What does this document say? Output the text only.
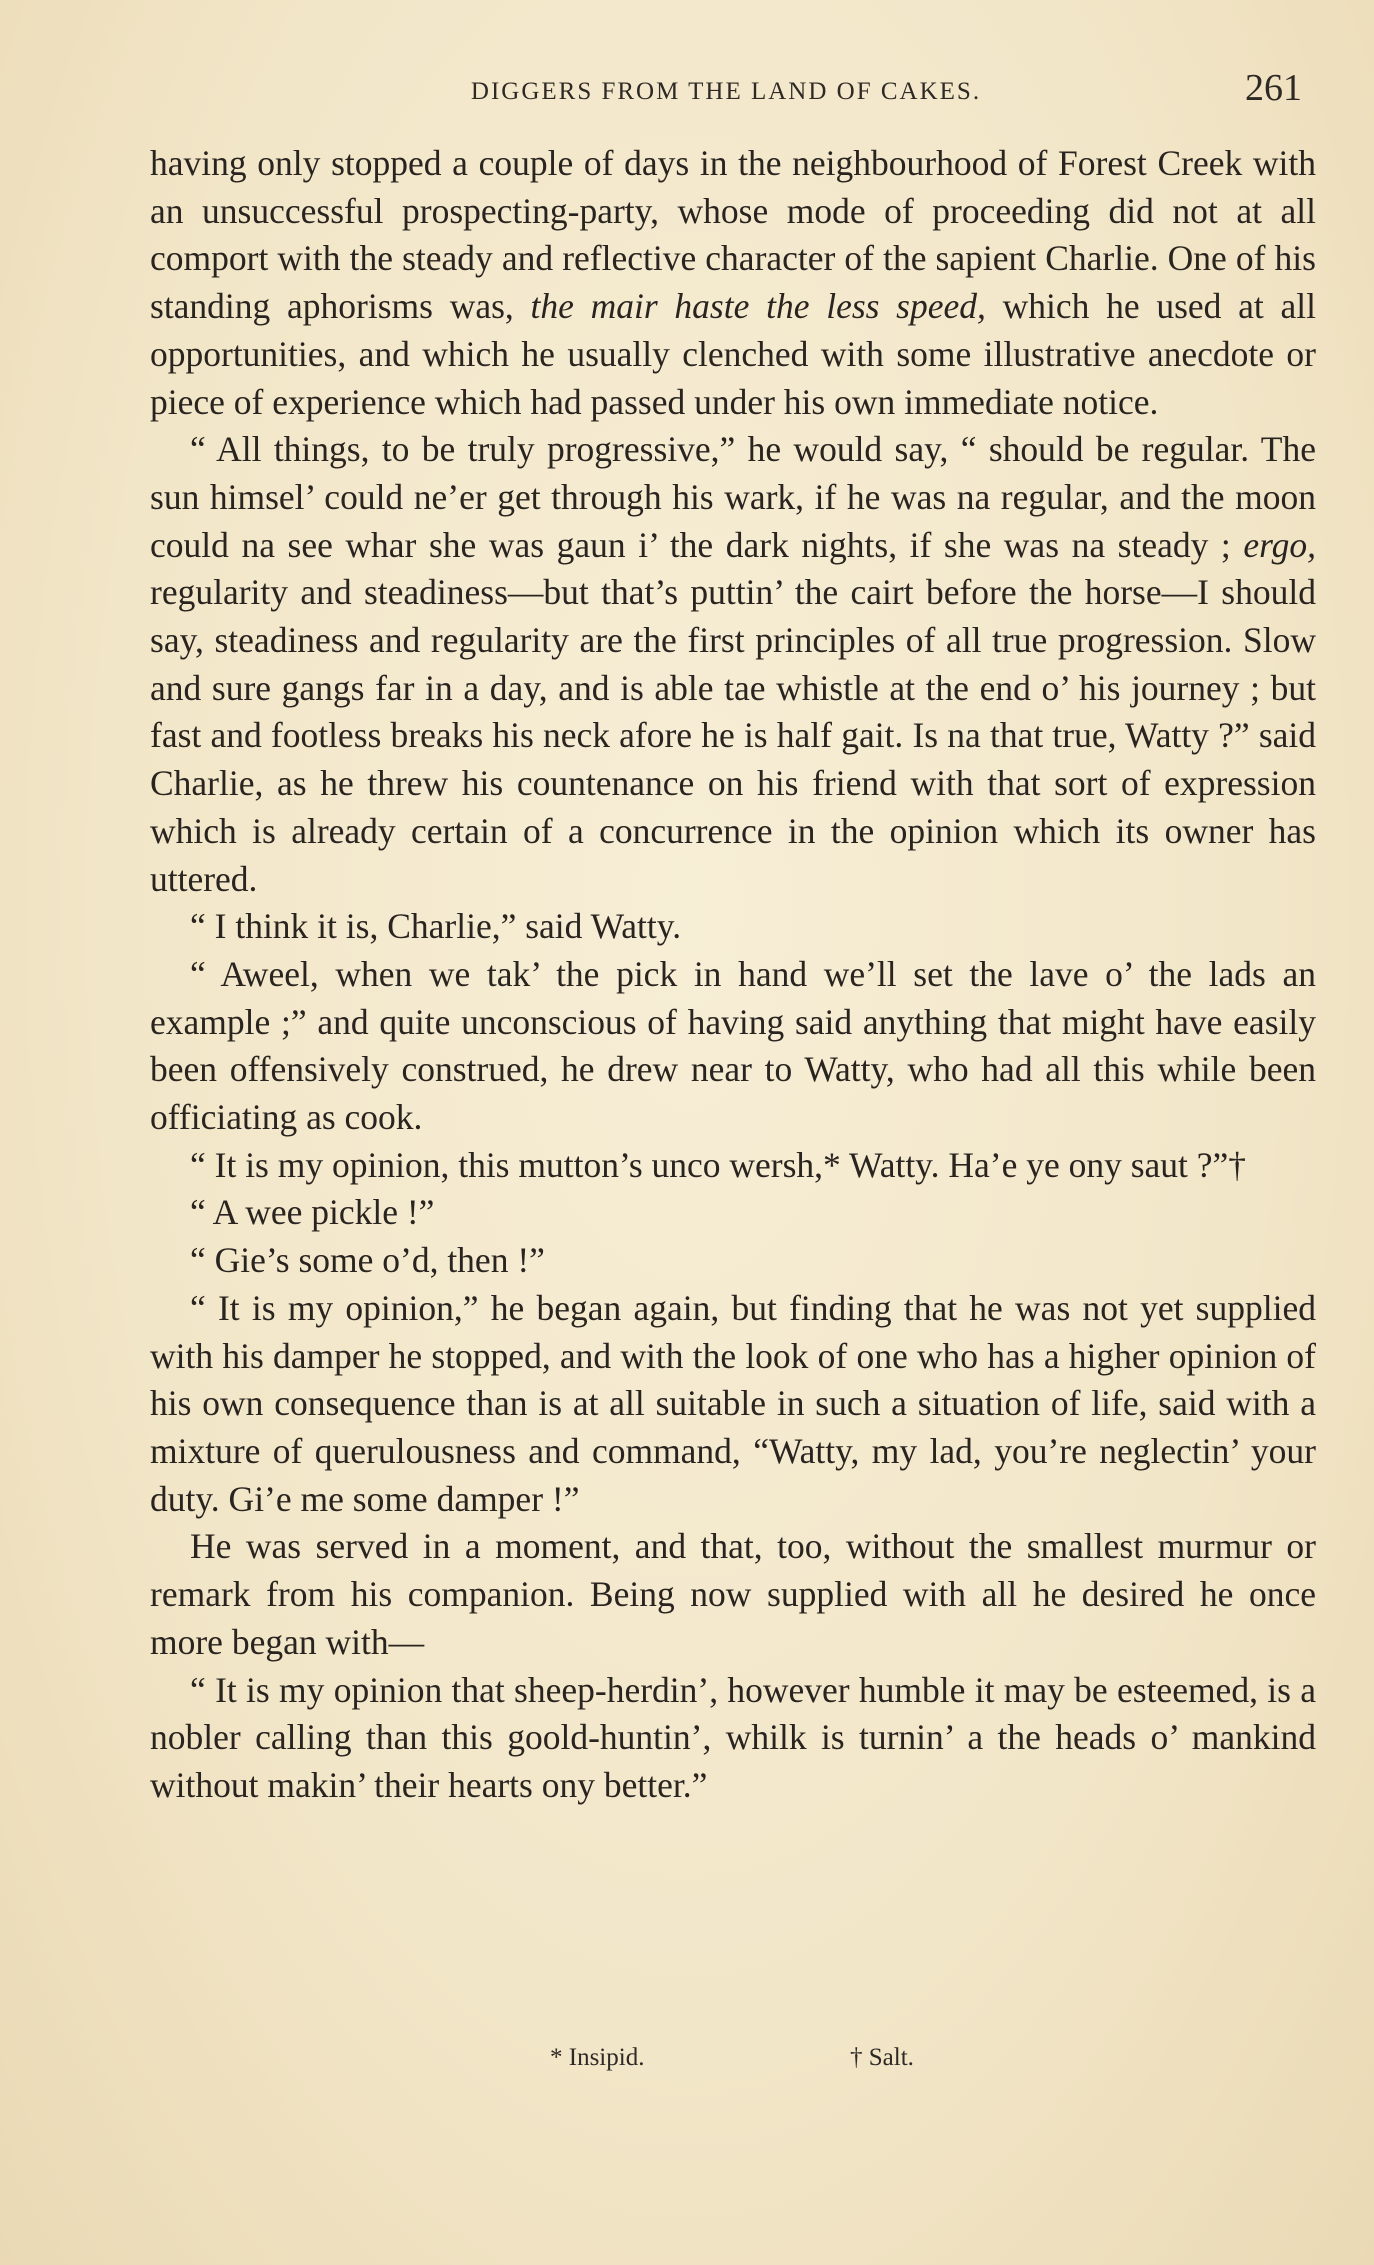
DIGGERS FROM THE LAND OF CAKES.	261

having only stopped a couple of days in the neighbourhood of Forest Creek with an unsuccessful prospecting-party, whose mode of proceeding did not at all comport with the steady and reflective character of the sapient Charlie. One of his standing aphorisms was, the mair haste the less speed, which he used at all opportunities, and which he usually clenched with some illustrative anecdote or piece of experience which had passed under his own immediate notice.

“ All things, to be truly progressive,” he would say, “ should be regular. The sun himsel’ could ne’er get through his wark, if he was na regular, and the moon could na see whar she was gaun i’ the dark nights, if she was na steady ; ergo, regularity and steadiness—but that’s puttin’ the cairt before the horse—I should say, steadiness and regularity are the first principles of all true progression. Slow and sure gangs far in a day, and is able tae whistle at the end o’ his journey ; but fast and footless breaks his neck afore he is half gait. Is na that true, Watty ?” said Charlie, as he threw his countenance on his friend with that sort of expression which is already certain of a concurrence in the opinion which its owner has uttered.

“ I think it is, Charlie,” said Watty.

“ Aweel, when we tak’ the pick in hand we’ll set the lave o’ the lads an example ;” and quite unconscious of having said anything that might have easily been offensively construed, he drew near to Watty, who had all this while been officiating as cook.

“ It is my opinion, this mutton’s unco wersh,* Watty. Ha’e ye ony saut ?”†

“ A wee pickle !”

“ Gie’s some o’d, then !”

“ It is my opinion,” he began again, but finding that he was not yet supplied with his damper he stopped, and with the look of one who has a higher opinion of his own consequence than is at all suitable in such a situation of life, said with a mixture of querulousness and command, “Watty, my lad, you’re neglectin’ your duty. Gi’e me some damper !”

He was served in a moment, and that, too, without the smallest murmur or remark from his companion. Being now supplied with all he desired he once more began with—

“ It is my opinion that sheep-herdin’, however humble it may be esteemed, is a nobler calling than this goold-huntin’, whilk is turnin’ a the heads o’ mankind without makin’ their hearts ony better.”

* Insipid.	† Salt.
